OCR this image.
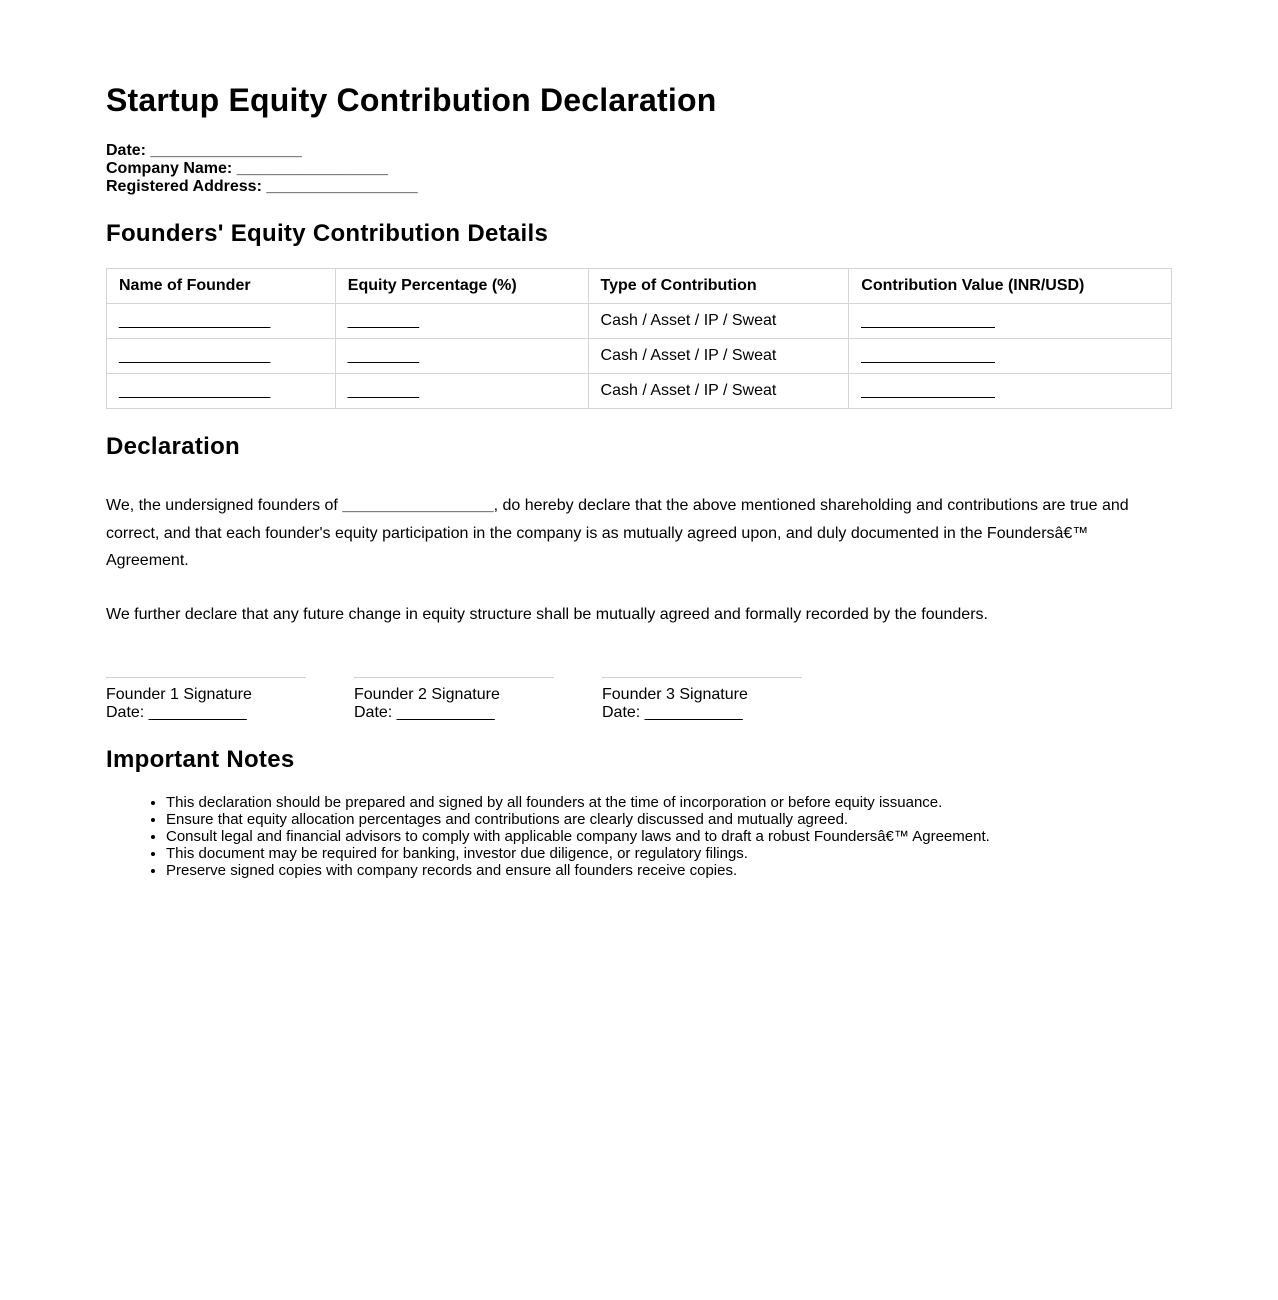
Startup Equity Contribution Declaration
Date: _________________
Company Name: _________________
Registered Address: _________________
Founders' Equity Contribution Details
Name of Founder	Equity Percentage (%)	Type of Contribution	Contribution Value (INR/USD)
_________________	________	Cash / Asset / IP / Sweat	_______________
_________________	________	Cash / Asset / IP / Sweat	_______________
_________________	________	Cash / Asset / IP / Sweat	_______________
Declaration

We, the undersigned founders of _________________, do hereby declare that the above mentioned shareholding and contributions are true and correct, and that each founder's equity participation in the company is as mutually agreed upon, and duly documented in the Foundersâ€™ Agreement.

We further declare that any future change in equity structure shall be mutually agreed and formally recorded by the founders.

Founder 1 Signature
Date: ___________
Founder 2 Signature
Date: ___________
Founder 3 Signature
Date: ___________
Important Notes
• This declaration should be prepared and signed by all founders at the time of incorporation or before equity issuance.
• Ensure that equity allocation percentages and contributions are clearly discussed and mutually agreed.
• Consult legal and financial advisors to comply with applicable company laws and to draft a robust Foundersâ€™ Agreement.
• This document may be required for banking, investor due diligence, or regulatory filings.
• Preserve signed copies with company records and ensure all founders receive copies.
